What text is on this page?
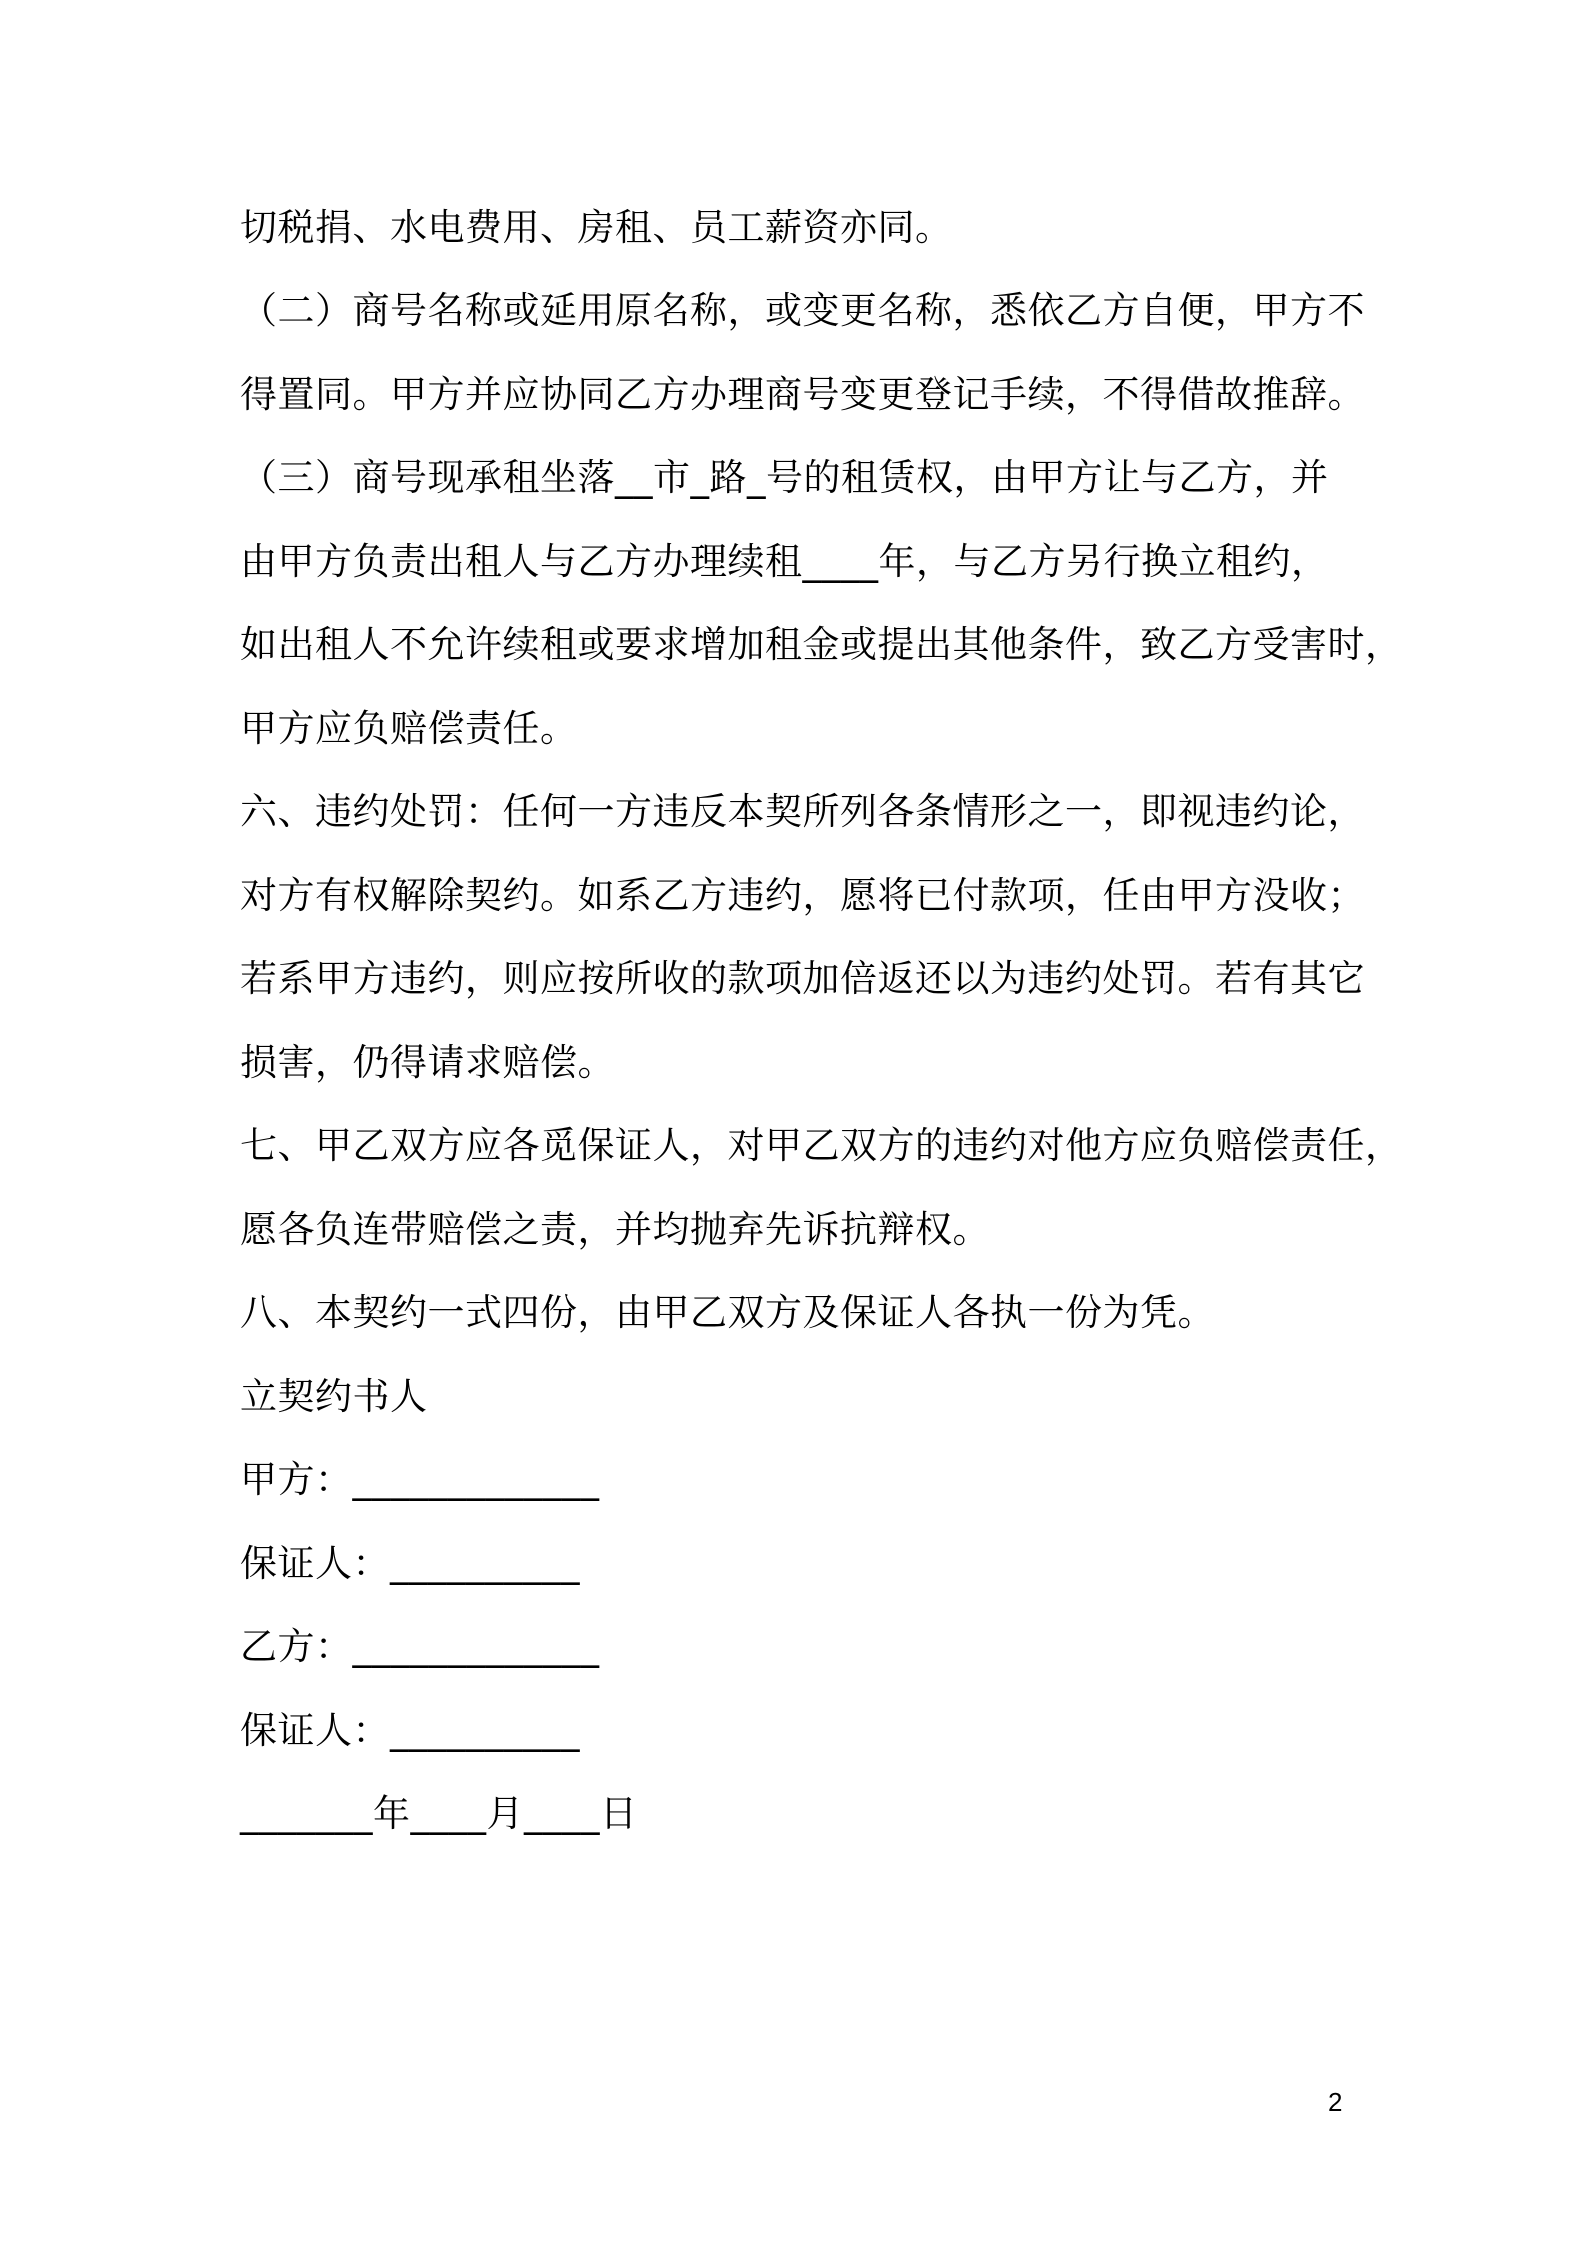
切税捐、水电费用、房租、员工薪资亦同。
（二）商号名称或延用原名称，或变更名称，悉依乙方自便，甲方不
得置同。甲方并应协同乙方办理商号变更登记手续，不得借故推辞。
（三）商号现承租坐落__市_路_号的租赁权，由甲方让与乙方，并
由甲方负责出租人与乙方办理续租____年，与乙方另行换立租约，
如出租人不允许续租或要求增加租金或提出其他条件，致乙方受害时，
甲方应负赔偿责任。
六、违约处罚：任何一方违反本契所列各条情形之一，即视违约论，
对方有权解除契约。如系乙方违约，愿将已付款项，任由甲方没收；
若系甲方违约，则应按所收的款项加倍返还以为违约处罚。若有其它
损害，仍得请求赔偿。
七、甲乙双方应各觅保证人，对甲乙双方的违约对他方应负赔偿责任，
愿各负连带赔偿之责，并均抛弃先诉抗辩权。
八、本契约一式四份，由甲乙双方及保证人各执一份为凭。
立契约书人
甲方：_____________
保证人：__________
乙方：_____________
保证人：__________
_______年____月____日
2
